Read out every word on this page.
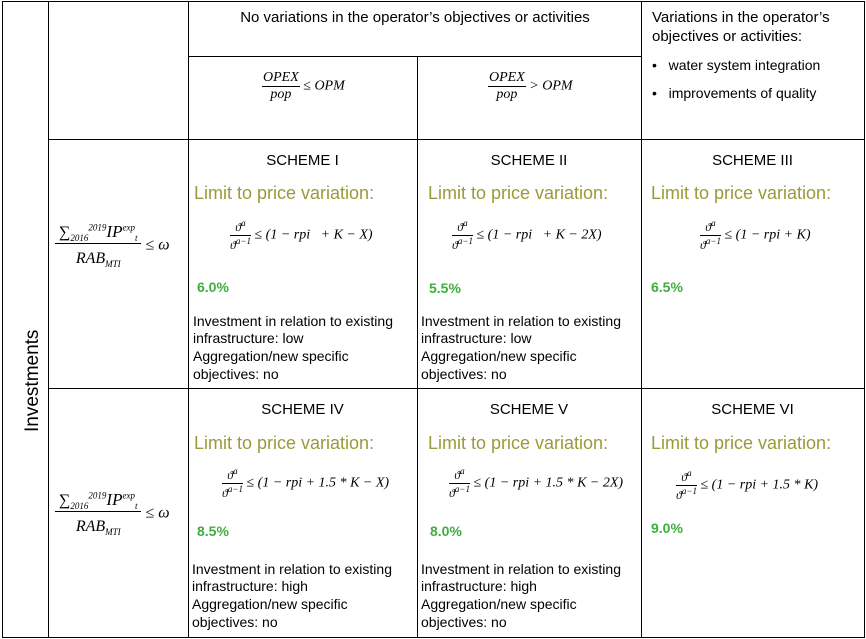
Investments
No variations in the operator’s objectives or activities	Variations in the operator’s objectives or activities:
•   water system integration
•   improvements of quality
$\frac{\text{OPEX}}{\text{pop}}$ ≤ OPM	$\frac{\text{OPEX}}{\text{pop}}$ > OPM
$\frac{\sum_{2016}^{2019}IP^{exp}_t}{RAB_{MTI}} \le \omega$
$\frac{\sum_{2016}^{2019}IP^{exp}_t}{RAB_{MTI}} \le \omega$
SCHEME I
Limit to price variation:
$\frac{ϑ^a}{ϑ^{a-1}} \le (1$ − rpi   + K − X)
6.0%
Investment in relation to existing
infrastructure: low
Aggregation/new specific
objectives: no
SCHEME II
Limit to price variation:
$\frac{ϑ^a}{ϑ^{a-1}} \le (1$ − rpi   + K − 2X)
5.5%
Investment in relation to existing
infrastructure: low
Aggregation/new specific
objectives: no
SCHEME III
Limit to price variation:
$\frac{ϑ^a}{ϑ^{a-1}} \le (1$ − rpi + K)
6.5%
SCHEME IV
Limit to price variation:
$\frac{ϑ^a}{ϑ^{a-1}} \le (1$ − rpi + 1.5 * K − X)
8.5%
Investment in relation to existing
infrastructure: high
Aggregation/new specific
objectives: no
SCHEME V
Limit to price variation:
$\frac{ϑ^a}{ϑ^{a-1}} \le (1$ − rpi + 1.5 * K − 2X)
8.0%
Investment in relation to existing
infrastructure: high
Aggregation/new specific
objectives: no
SCHEME VI
Limit to price variation:
$\frac{ϑ^a}{ϑ^{a-1}} \le (1$ − rpi + 1.5 * K)
9.0%
